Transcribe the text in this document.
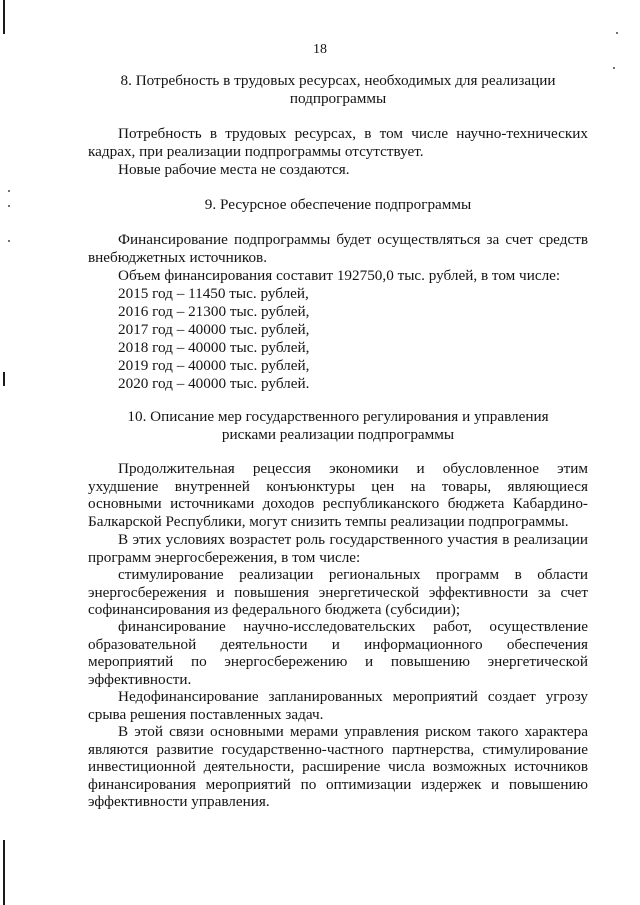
18
8. Потребность в трудовых ресурсах, необходимых для реализации
подпрограммы
Потребность в трудовых ресурсах, в том числе научно-технических кадрах, при реализации подпрограммы отсутствует.
Новые рабочие места не создаются.
9. Ресурсное обеспечение подпрограммы
Финансирование подпрограммы будет осуществляться за счет средств внебюджетных источников.
Объем финансирования составит 192750,0 тыс. рублей, в том числе:
2015 год – 11450 тыс. рублей,
2016 год – 21300 тыс. рублей,
2017 год – 40000 тыс. рублей,
2018 год – 40000 тыс. рублей,
2019 год – 40000 тыс. рублей,
2020 год – 40000 тыс. рублей.
10. Описание мер государственного регулирования и управления
рисками реализации подпрограммы
Продолжительная рецессия экономики и обусловленное этим ухудшение внутренней конъюнктуры цен на товары, являющиеся основными источниками доходов республиканского бюджета Кабардино-Балкарской Республики, могут снизить темпы реализации подпрограммы.
В этих условиях возрастет роль государственного участия в реализации программ энергосбережения, в том числе:
стимулирование реализации региональных программ в области энергосбережения и повышения энергетической эффективности за счет софинансирования из федерального бюджета (субсидии);
финансирование научно-исследовательских работ, осуществление образовательной деятельности и информационного обеспечения мероприятий по энергосбережению и повышению энергетической эффективности.
Недофинансирование запланированных мероприятий создает угрозу срыва решения поставленных задач.
В этой связи основными мерами управления риском такого характера являются развитие государственно-частного партнерства, стимулирование инвестиционной деятельности, расширение числа возможных источников финансирования мероприятий по оптимизации издержек и повышению эффективности управления.
